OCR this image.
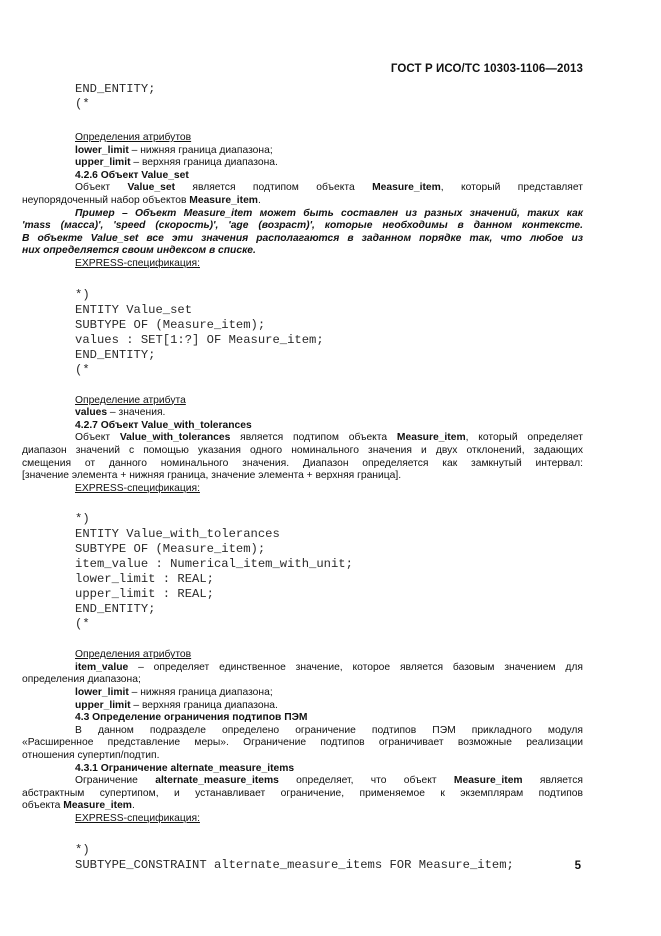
ГОСТ Р ИСО/ТС 10303-1106—2013
END_ENTITY;
(*

Определения атрибутов

lower_limit – нижняя граница диапазона;

upper_limit – верхняя граница диапазона.

4.2.6 Объект Value_set

Объект Value_set является подтипом объекта Measure_item, который представляет

неупорядоченный набор объектов Measure_item.

Пример – Объект Measure_item может быть составлен из разных значений, таких как

'mass (масса)', 'speed (скорость)', 'age (возраст)', которые необходимы в данном контексте.

В объекте Value_set все эти значения располагаются в заданном порядке так, что любое из

них определяется своим индексом в списке.

EXPRESS-спецификация:

*)
ENTITY Value_set
SUBTYPE OF (Measure_item);
values : SET[1:?] OF Measure_item;
END_ENTITY;
(*

Определение атрибута

values – значения.

4.2.7 Объект Value_with_tolerances

Объект Value_with_tolerances является подтипом объекта Measure_item, который определяет

диапазон значений с помощью указания одного номинального значения и двух отклонений, задающих

смещения от данного номинального значения. Диапазон определяется как замкнутый интервал:

[значение элемента + нижняя граница, значение элемента + верхняя граница].

EXPRESS-спецификация:

*)
ENTITY Value_with_tolerances
SUBTYPE OF (Measure_item);
item_value : Numerical_item_with_unit;
lower_limit : REAL;
upper_limit : REAL;
END_ENTITY;
(*

Определения атрибутов

item_value – определяет единственное значение, которое является базовым значением для

определения диапазона;

lower_limit – нижняя граница диапазона;

upper_limit – верхняя граница диапазона.

4.3 Определение ограничения подтипов ПЭМ

В данном подразделе определено ограничение подтипов ПЭМ прикладного модуля

«Расширенное представление меры». Ограничение подтипов ограничивает возможные реализации

отношения супертип/подтип.

4.3.1 Ограничение alternate_measure_items

Ограничение alternate_measure_items определяет, что объект Measure_item является

абстрактным супертипом, и устанавливает ограничение, применяемое к экземплярам подтипов

объекта Measure_item.

EXPRESS-спецификация:

*)
SUBTYPE_CONSTRAINT alternate_measure_items FOR Measure_item;	5
